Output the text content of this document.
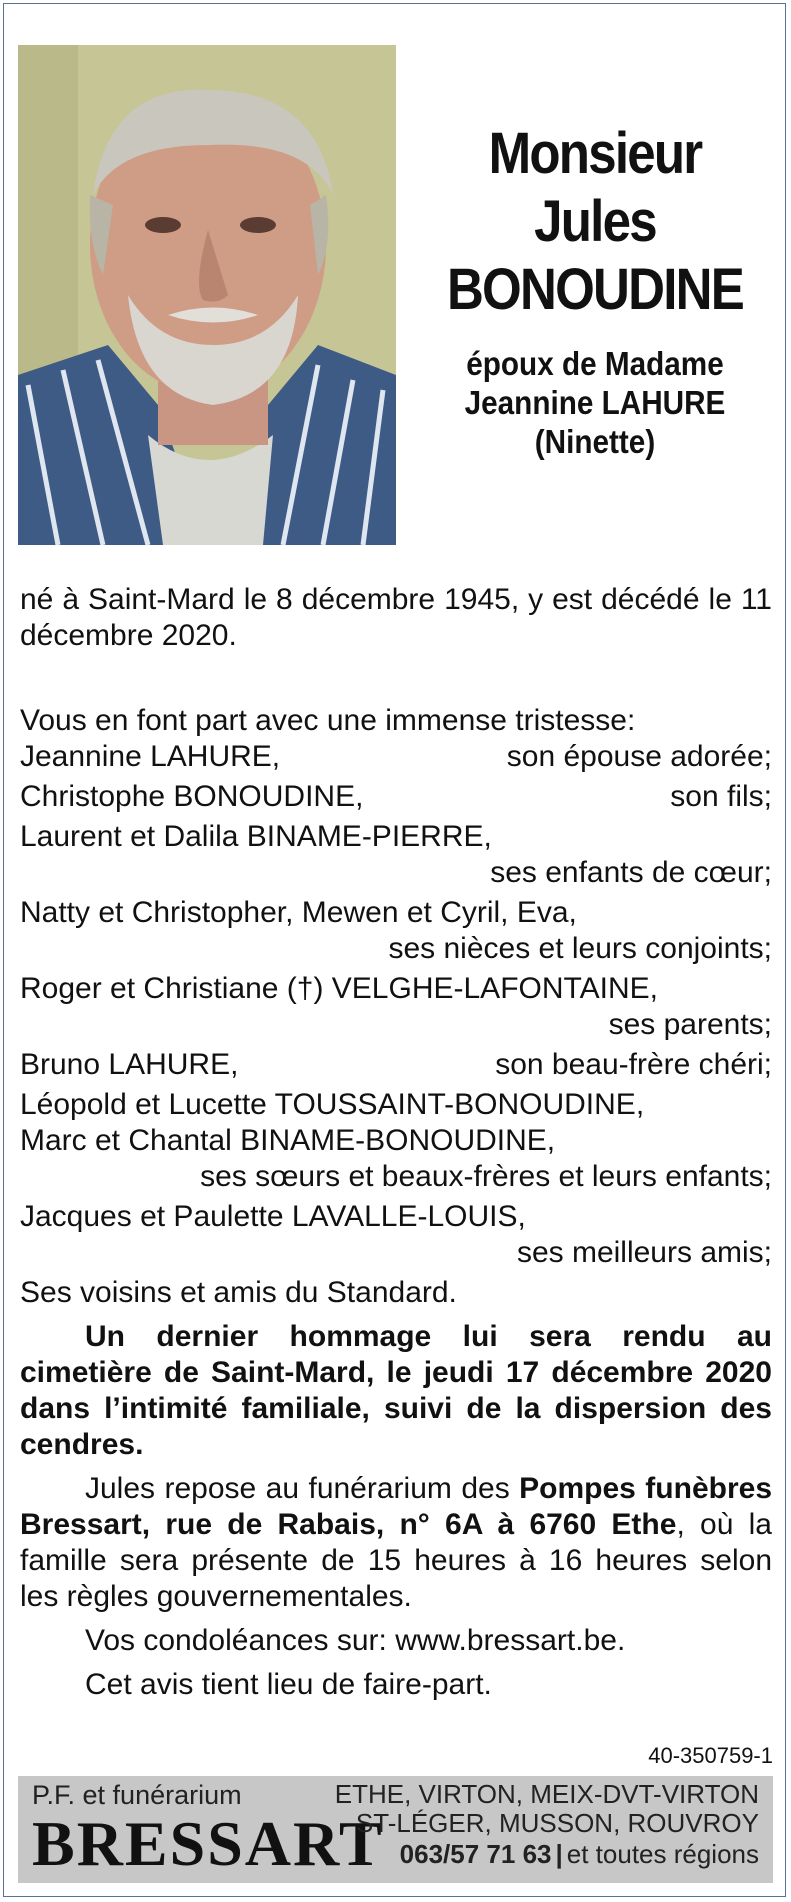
Monsieur
Jules
BONOUDINE
époux de Madame
Jeannine LAHURE
(Ninette)

né à Saint-Mard le 8 décembre 1945, y est décédé le 11 décembre 2020.

Vous en font part avec une immense tristesse:

Jeannine LAHURE,	son épouse adorée;
Christophe BONOUDINE,	son fils;
Laurent et Dalila BINAME-PIERRE,
ses enfants de cœur;
Natty et Christopher, Mewen et Cyril, Eva,
ses nièces et leurs conjoints;
Roger et Christiane (†) VELGHE-LAFONTAINE,
ses parents;
Bruno LAHURE,	son beau-frère chéri;
Léopold et Lucette TOUSSAINT-BONOUDINE,
Marc et Chantal BINAME-BONOUDINE,
ses sœurs et beaux-frères et leurs enfants;
Jacques et Paulette LAVALLE-LOUIS,
ses meilleurs amis;
Ses voisins et amis du Standard.

Un dernier hommage lui sera rendu au cimetière de Saint-Mard, le jeudi 17 décembre 2020 dans l’intimité familiale, suivi de la dispersion des cendres.

Jules repose au funérarium des Pompes funèbres Bressart, rue de Rabais, n° 6A à 6760 Ethe, où la famille sera présente de 15 heures à 16 heures selon les règles gouvernementales.

Vos condoléances sur: www.bressart.be.
Cet avis tient lieu de faire-part.
40-350759-1
P.F. et funérarium
BRESSART
ETHE, VIRTON, MEIX-DVT-VIRTON
ST-LÉGER, MUSSON, ROUVROY
063/57 71 63 | et toutes régions
